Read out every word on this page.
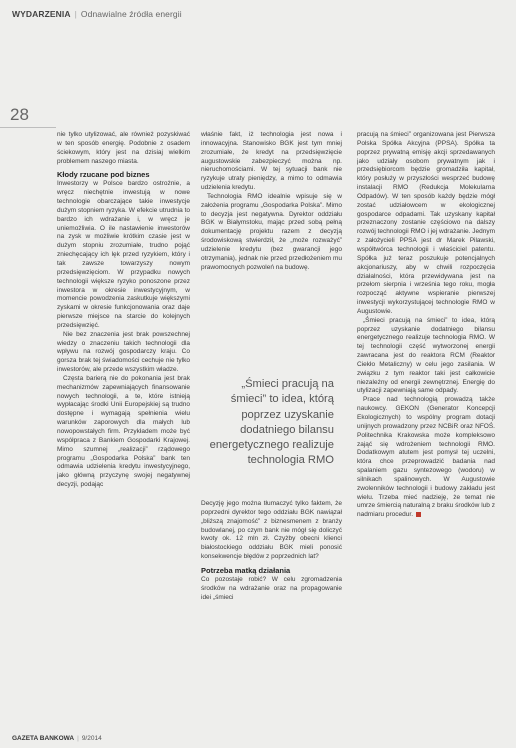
WYDARZENIA | Odnawialne źródła energii
28

nie tylko utylizować, ale również pozyskiwać w ten sposób energię. Podobnie z osadem ściekowym, który jest na dzisiaj wielkim problemem naszego miasta.

Kłody rzucane pod biznes

Inwestorzy w Polsce bardzo ostrożnie, a wręcz niechętnie inwestują w nowe technologie obarczające takie inwestycje dużym stopniem ryzyka. W efekcie utrudnia to bardzo ich wdrażanie i, w wręcz je uniemożliwia. O ile nastawienie inwestorów na zysk w możliwie krótkim czasie jest w dużym stopniu zrozumiałe, trudno pojąć zniechęcający ich lęk przed ryzykiem, który i tak zawsze towarzyszy nowym przedsięwzięciom. W przypadku nowych technologii większe ryzyko ponoszone przez inwestora w okresie inwestycyjnym, w momencie powodzenia zaskutkuje większymi zyskami w okresie funkcjonowania oraz daje pierwsze miejsce na starcie do kolejnych przedsięwzięć.

Nie bez znaczenia jest brak powszechnej wiedzy o znaczeniu takich technologii dla wpływu na rozwój gospodarczy kraju. Co gorsza brak tej świadomości cechuje nie tylko inwestorów, ale przede wszystkim władze.

Częsta barierą nie do pokonania jest brak mechanizmów zapewniających finansowanie nowych technologii, a te, które istnieją wypłacając środki Unii Europejskiej są trudno dostępne i wymagają spełnienia wielu warunków zaporowych dla małych lub nowopowstałych firm. Przykładem może być współpraca z Bankiem Gospodarki Krajowej. Mimo szumnej „realizacji” rządowego programu „Gospodarka Polska” bank ten odmawia udzielenia kredytu inwestycyjnego, jako główną przyczynę swojej negatywnej decyzji, podając

właśnie fakt, iż technologia jest nowa i innowacyjna. Stanowisko BGK jest tym mniej zrozumiałe, że kredyt na przedsięwzięcie augustowskie zabezpieczyć można np. nieruchomościami. W tej sytuacji bank nie ryzykuje utraty pieniędzy, a mimo to odmawia udzielenia kredytu.

Technologia RMO idealnie wpisuje się w założenia programu „Gospodarka Polska”. Mimo to decyzja jest negatywna. Dyrektor oddziału BGK w Białymstoku, mając przed sobą pełną dokumentację projektu razem z decyzją środowiskową stwierdził, że „może rozważyć” udzielenie kredytu (bez gwarancji jego otrzymania), jednak nie przed przedłożeniem mu prawomocnych pozwoleń na budowę.

„Śmieci pracują na
śmieci” to idea, którą poprzez uzyskanie dodatniego bilansu energetycznego realizuje technologia RMO

Decyzję jego można tłumaczyć tylko faktem, że poprzedni dyrektor tego oddziału BGK nawiązał „bliższą znajomość” z biznesmenem z branży budowlanej, po czym bank nie mógł się doliczyć kwoty ok. 12 mln zł. Czyżby obecni klienci białostockiego oddziału BGK mieli ponosić konsekwencje błędów z poprzednich lat?

Potrzeba matką działania

Co pozostaje robić? W celu zgromadzenia środków na wdrażanie oraz na propagowanie idei „śmieci

pracują na śmieci” organizowana jest Pierwsza Polska Spółka Akcyjna (PPSA). Spółka ta poprzez prywatną emisję akcji sprzedawanych jako udziały osobom prywatnym jak i przedsiębiorcom będzie gromadziła kapitał, który posłuży w przyszłości wesprzeć budowę instalacji RMO (Redukcja Molekularna Odpadów). W ten sposób każdy będzie mógł zostać udziałowcem w ekologicznej gospodarce odpadami. Tak uzyskany kapitał przeznaczony zostanie częściowo na dalszy rozwój technologii RMO i jej wdrażanie. Jednym z założycieli PPSA jest dr Marek Pilawski, współtwórca technologii i właściciel patentu. Spółka już teraz poszukuje potencjalnych akcjonariuszy, aby w chwili rozpoczęcia działalności, która przewidywana jest na przełom sierpnia i września tego roku, mogła rozpocząć aktywne wspieranie pierwszej inwestycji wykorzystującej technologie RMO w Augustowie.

„Śmieci pracują na śmieci” to idea, którą poprzez uzyskanie dodatniego bilansu energetycznego realizuje technologia RMO. W tej technologii część wytworzonej energii zawracana jest do reaktora RCM (Reaktor Ciekło Metaliczny) w celu jego zasilania. W związku z tym reaktor taki jest całkowicie niezależny od energii zewnętrznej. Energię do utylizacji zapewniają same odpady.

Prace nad technologią prowadzą także naukowcy. GEKON (Generator Koncepcji Ekologicznych) to wspólny program dotacji unijnych prowadzony przez NCBiR oraz NFOŚ. Politechnika Krakowska może kompleksowo zająć się wdrożeniem technologii RMO. Dodatkowym atutem jest pomysł tej uczelni, która chce przeprowadzić badania nad spalaniem gazu syntezowego (wodoru) w silnikach spalinowych. W Augustowie zwolenników technologii i budowy zakładu jest wielu. Trzeba mieć nadzieję, że temat nie umrze śmiercią naturalną z braku środków lub z nadmiaru procedur.

GAZETA BANKOWA | 9/2014
